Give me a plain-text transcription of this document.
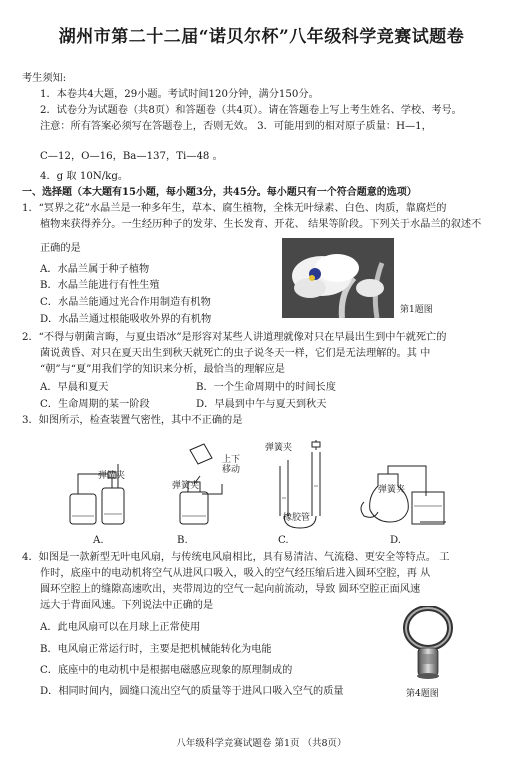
湖州市第二十二届“诺贝尔杯”八年级科学竞赛试题卷
考生须知:
1．本卷共4大题，29小题。考试时间120分钟，满分150分。
2．试卷分为试题卷（共8页）和答题卷（共4页）。请在答题卷上写上考生姓名、学校、考号。
注意：所有答案必须写在答题卷上，否则无效。 3．可能用到的相对原子质量：H—1，
C—12，O—16，Ba—137，Ti—48 。
4．g 取 10N/kg。
一、选择题（本大题有15小题，每小题3分，共45分。每小题只有一个符合题意的选项）
1．“冥界之花”水晶兰是一种多年生，草本、腐生植物，全株无叶绿素、白色、肉质，靠腐烂的
植物来获得养分。一生经历种子的发芽、生长发育、开花、 结果等阶段。下列关于水晶兰的叙述不
正确的是
A．水晶兰属于种子植物
B．水晶兰能进行有性生殖
C．水晶兰能通过光合作用制造有机物
D．水晶兰通过根能吸收外界的有机物
第1题图
2．“不得与朝菌言晦，与夏虫语冰”是形容对某些人讲道理就像对只在早晨出生到中午就死亡的
菌说黄昏、对只在夏天出生到秋天就死亡的虫子说冬天一样，它们是无法理解的。其 中
“朝”与“夏”用我们学的知识来分析，最恰当的理解应是
A．早晨和夏天	B．一个生命周期中的时间长度
C．生命周期的某一阶段	D．早晨到中午与夏天到秋天
3．如图所示，检查装置气密性，其中不正确的是
弹簧夹
上下
移动
弹簧夹
弹簧夹	弹簧夹
橡胶管
A.	B.	C.	D.
4．如图是一款新型无叶电风扇，与传统电风扇相比，具有易清洁、气流稳、更安全等特点。 工
作时，底座中的电动机将空气从进风口吸入，吸入的空气经压缩后进入圆环空腔，再 从
圆环空腔上的缝隙高速吹出，夹带周边的空气一起向前流动，导致 圆环空腔正面风速
远大于背面风速。下列说法中正确的是
A．此电风扇可以在月球上正常使用
B．电风扇正常运行时，主要是把机械能转化为电能
C．底座中的电动机中是根据电磁感应现象的原理制成的
D．相同时间内，圆缝口流出空气的质量等于进风口吸入空气的质量	第4题图
八年级科学竞赛试题卷 第1页 （共8页）
